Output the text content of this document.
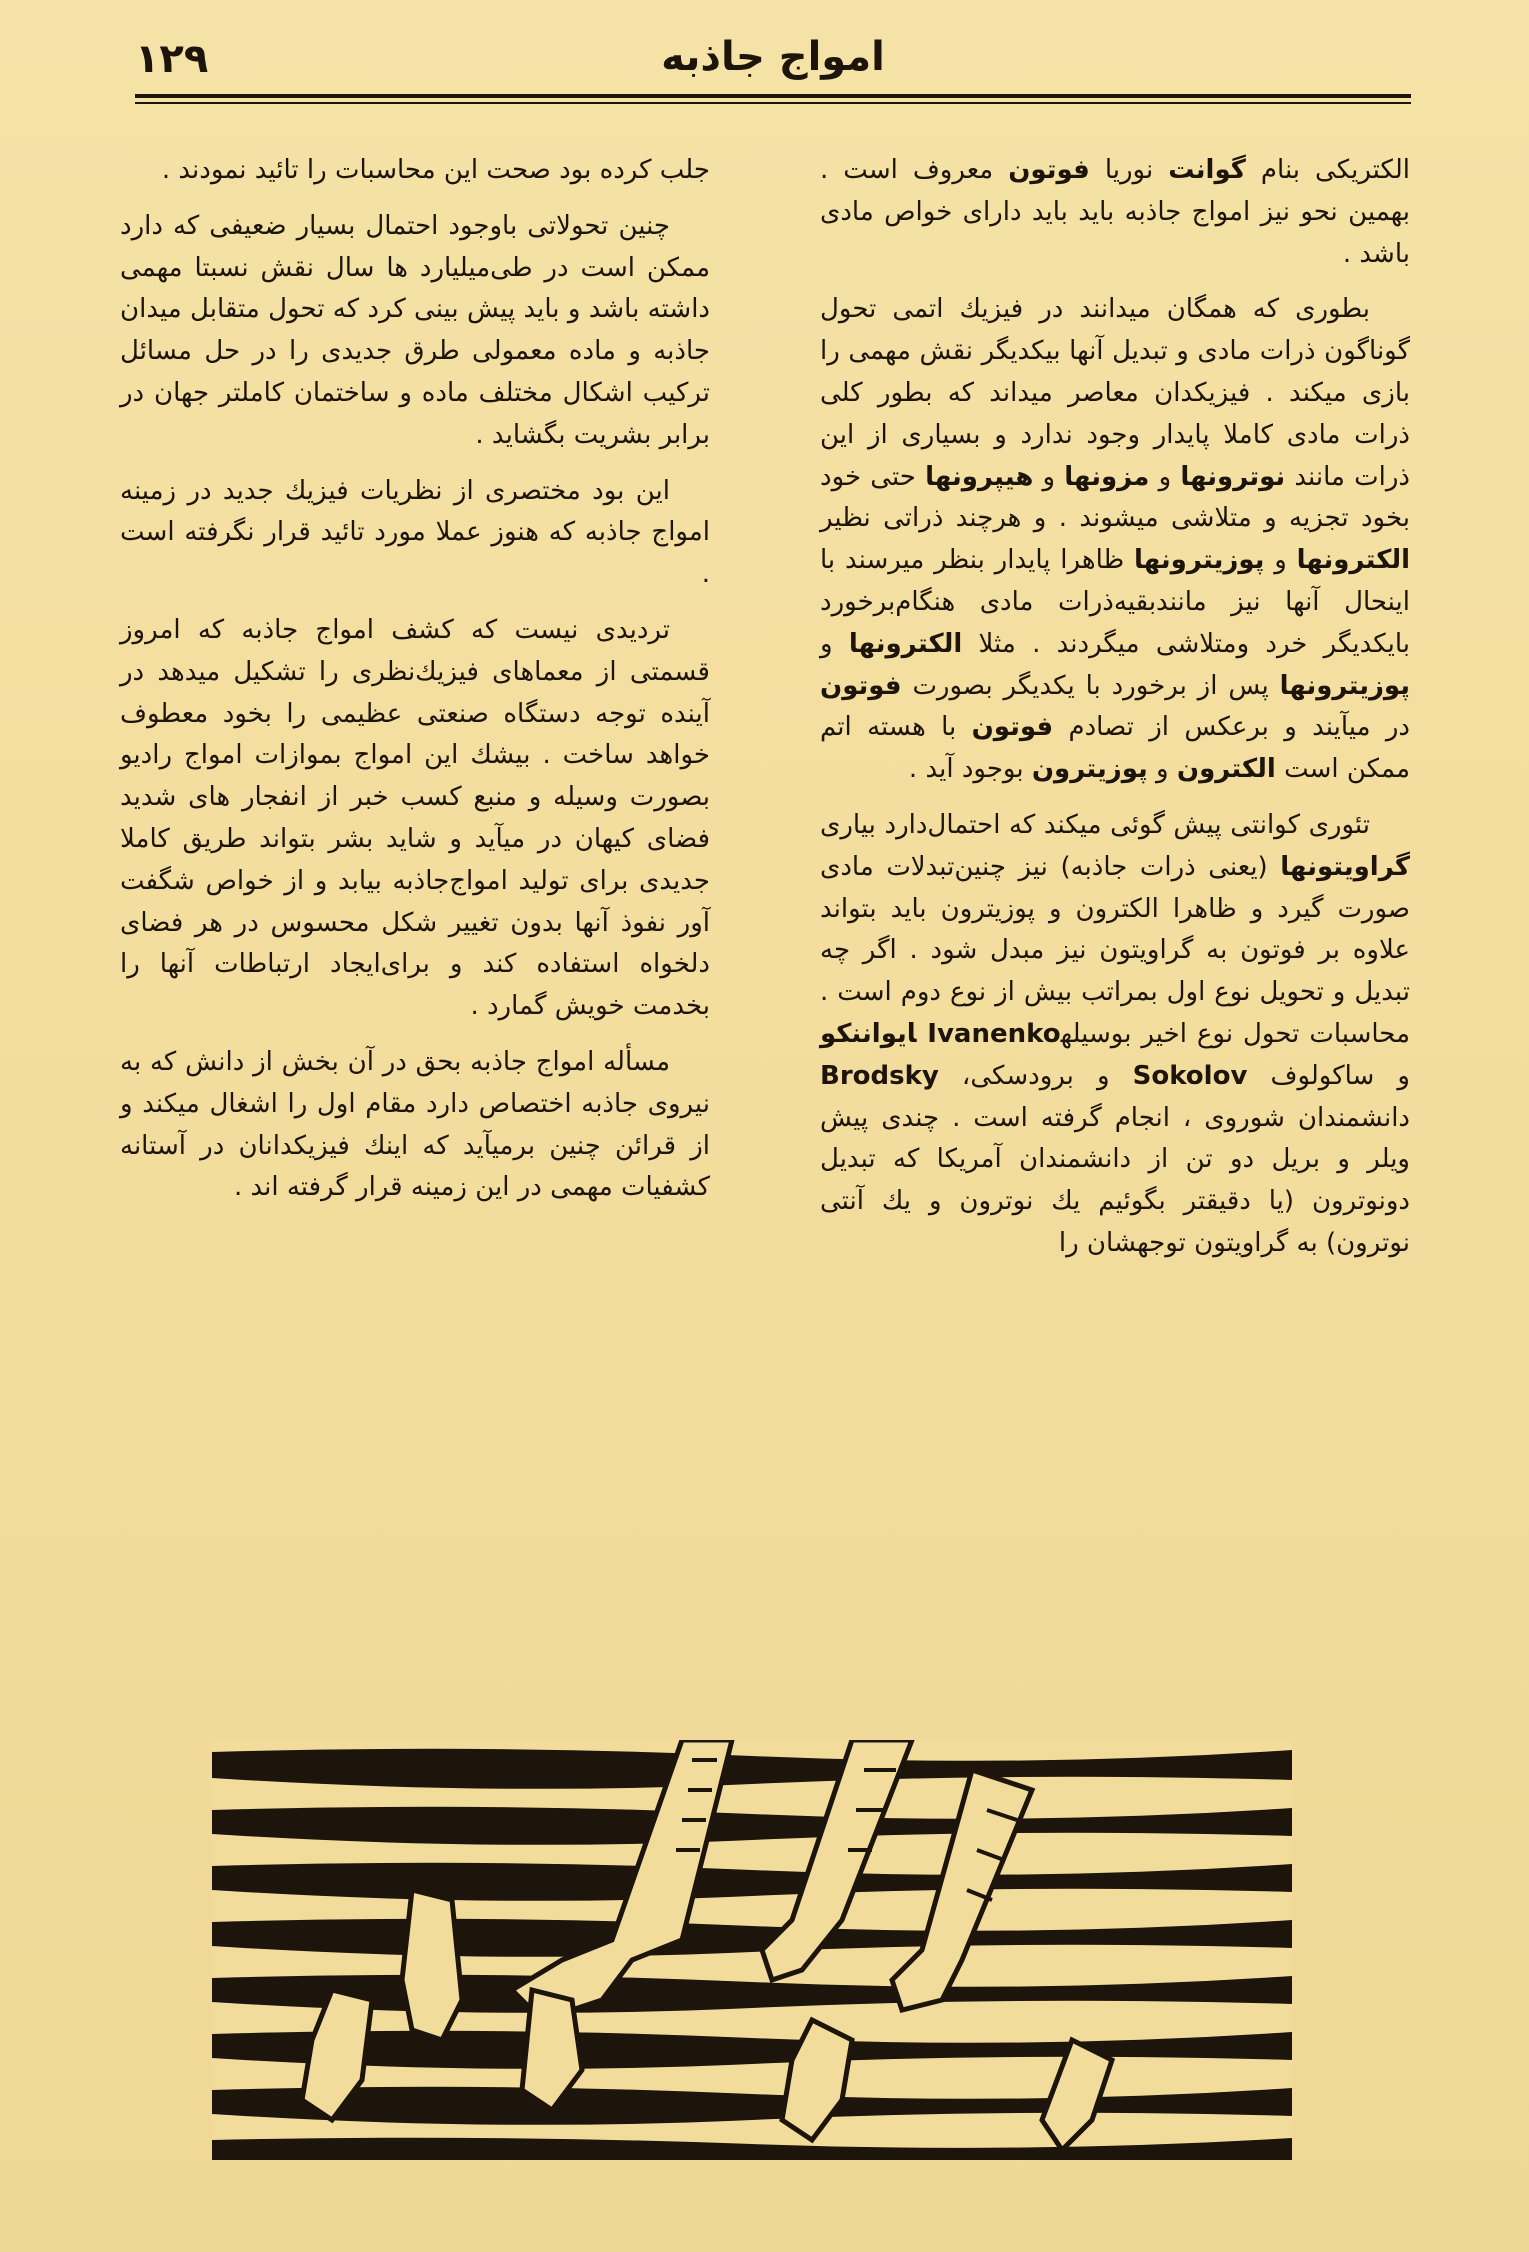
۱۲۹	امواج جاذبه

الکتریکی بنام گوانت نوریا فوتون معروف است . بهمین نحو نیز امواج جاذبه باید باید دارای خواص مادی باشد .

بطوری که همگان میدانند در فیزیك اتمی تحول گوناگون ذرات مادی و تبدیل آنها بیکدیگر نقش مهمی را بازی میکند . فیزیکدان معاصر میداند که بطور کلی ذرات مادی کاملا پایدار وجود ندارد و بسیاری از این ذرات مانند نوترونها و مزونها و هیپرونها حتی خود بخود تجزیه و متلاشی میشوند . و هرچند ذراتی نظیر الکترونها و پوزیترونها ظاهرا پایدار بنظر میرسند با اینحال آنها نیز مانندبقیه‌ذرات مادی هنگام‌برخورد بایکدیگر خرد ومتلاشی میگردند . مثلا الکترونها و پوزیترونها پس از برخورد با یکدیگر بصورت فوتون در میآیند و برعکس از تصادم فوتون با هسته اتم ممکن است الکترون و پوزیترون بوجود آید .

تئوری کوانتی پیش گوئی میکند که احتمال‌دارد بیاری گراویتونها (یعنی ذرات جاذبه) نیز چنین‌تبدلات مادی صورت گیرد و ظاهرا الکترون و پوزیترون باید بتواند علاوه بر فوتون به گراویتون نیز مبدل شود . اگر چه تبدیل و تحویل نوع اول بمراتب بیش از نوع دوم است . محاسبات تحول نوع اخیر بوسیلهایواننکو Ivanenko و ساکولوف Sokolov و برودسکی، Brodsky دانشمندان شوروی ، انجام گرفته است . چندی پیش ویلر و بریل دو تن از دانشمندان آمریکا که تبدیل دونوترون (یا دقیقتر بگوئیم یك نوترون و یك آنتی نوترون) به گراویتون توجهشان را

جلب کرده بود صحت این محاسبات را تائید نمودند .

چنین تحولاتی باوجود احتمال بسیار ضعیفی که دارد ممکن است در طی‌میلیارد ها سال نقش نسبتا مهمی داشته باشد و باید پیش بینی کرد که تحول متقابل میدان جاذبه و ماده معمولی طرق جدیدی را در حل مسائل ترکیب اشکال مختلف ماده و ساختمان کاملتر جهان در برابر بشریت بگشاید .

این بود مختصری از نظریات فیزیك جدید در زمینه امواج جاذبه که هنوز عملا مورد تائید قرار نگرفته است .

تردیدی نیست که کشف امواج جاذبه که امروز قسمتی از معماهای فیزیك‌نظری را تشکیل میدهد در آینده توجه دستگاه صنعتی عظیمی را بخود معطوف خواهد ساخت . بیشك این امواج بموازات امواج رادیو بصورت وسیله و منبع کسب خبر از انفجار های شدید فضای کیهان در میآید و شاید بشر بتواند طریق کاملا جدیدی برای تولید امواج‌جاذبه بیابد و از خواص شگفت آور نفوذ آنها بدون تغییر شکل محسوس در هر فضای دلخواه استفاده کند و برای‌ایجاد ارتباطات آنها را بخدمت خویش گمارد .

مسأله امواج جاذبه بحق در آن بخش از دانش که به نیروی جاذبه اختصاص دارد مقام اول را اشغال میکند و از قرائن چنین برمیآید که اینك فیزیکدانان در آستانه کشفیات مهمی در این زمینه قرار گرفته اند .
